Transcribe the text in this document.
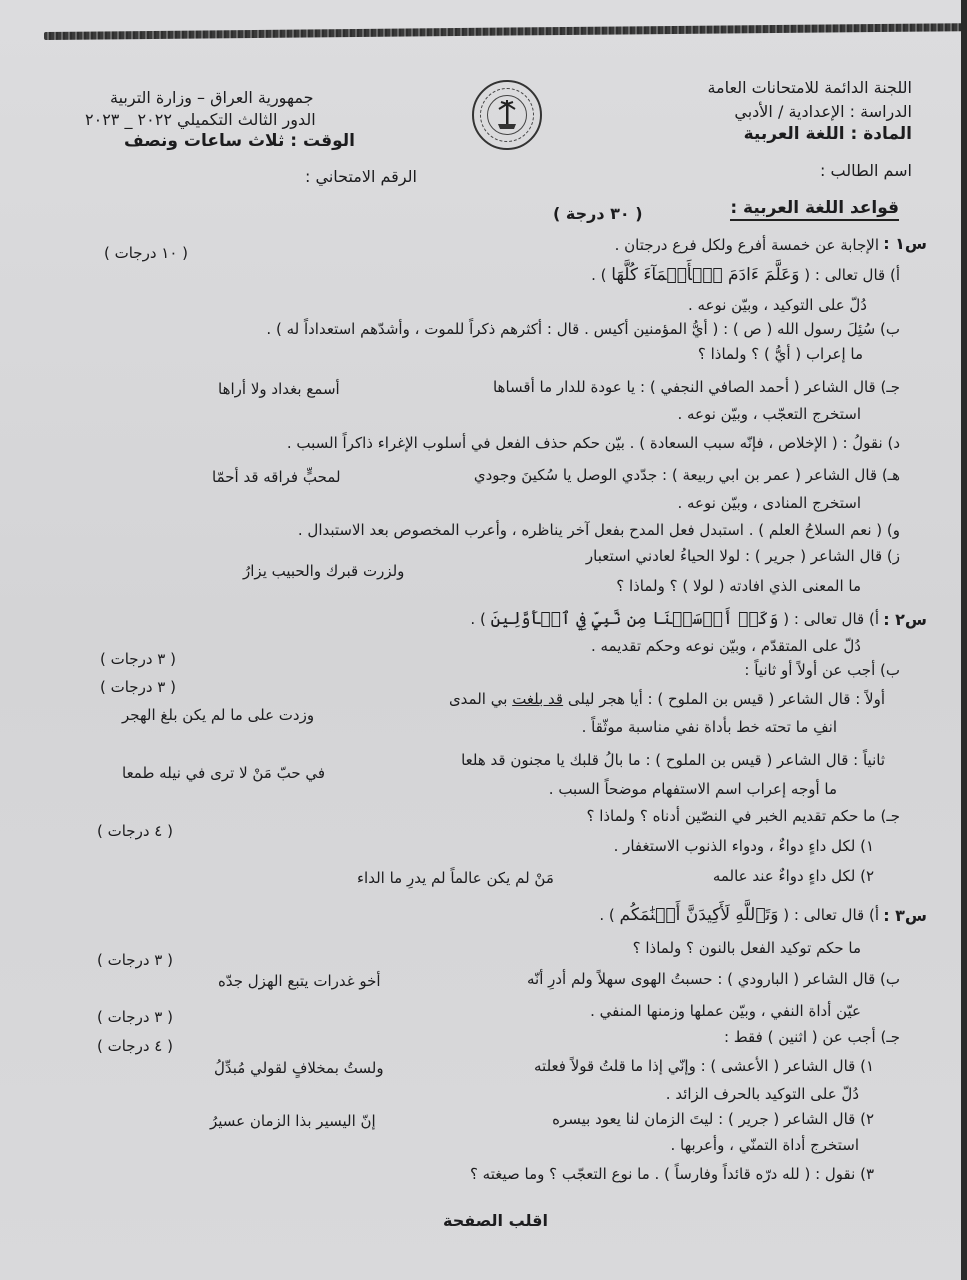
اللجنة الدائمة للامتحانات العامة
الدراسة : الإعدادية / الأدبي
المادة : اللغة العربية
اسم الطالب :
جمهورية العراق – وزارة التربية
الدور الثالث التكميلي ٢٠٢٢ _ ٢٠٢٣
الوقت : ثلاث ساعات ونصف
الرقم الامتحاني :
قواعد اللغة العربية :
( ٣٠ درجة )
س١ :
الإجابة عن خمسة أفرع ولكل فرع درجتان .
( ١٠ درجات )
أ) قال تعالى : ( وَعَلَّمَ ءَادَمَ ٱلۡأَسۡمَآءَ كُلَّهَا ) .
دُلّ على التوكيد ، وبيّن نوعه .
ب) سُئِلَ رسول الله ( ص ) : ( أيُّ المؤمنين أكيس . قال : أكثرهم ذكراً للموت ، وأشدّهم استعداداً له ) .
ما إعراب ( أيُّ ) ؟ ولماذا ؟
جـ) قال الشاعر ( أحمد الصافي النجفي ) : يا عودة للدار ما أقساها
أسمع بغداد ولا أراها
استخرج التعجّب ، وبيّن نوعه .
د) نقولُ : ( الإخلاص ، فإنّه سبب السعادة ) . بيّن حكم حذف الفعل في أسلوب الإغراء ذاكراً السبب .
هـ) قال الشاعر ( عمر بن ابي ربيعة ) : جدّدي الوصل يا سُكينَ وجودي
لمحبٍّ فراقه قد أحمّا
استخرج المنادى ، وبيّن نوعه .
و) ( نعم السلاحُ العلم ) . استبدل فعل المدح بفعل آخر يناظره ، وأعرب المخصوص بعد الاستبدال .
ز) قال الشاعر ( جرير ) : لولا الحياءُ لعادني استعبار
ولزرت قبرك والحبيب يزارُ
ما المعنى الذي افادته ( لولا ) ؟ ولماذا ؟
س٢ :
أ) قال تعالى : ( وَكَمۡ أَرۡسَلۡنَا مِن نَّبِيٍّ فِي ٱلۡأَوَّلِينَ ) .
دُلّ على المتقدّم ، وبيّن نوعه وحكم تقديمه .
( ٣ درجات )
ب) أجب عن أولاً أو ثانياً :
( ٣ درجات )
أولاً : قال الشاعر ( قيس بن الملوح ) : أيا هجر ليلى قد بلغت بي المدى
وزدت على ما لم يكن بلغ الهجر
انفِ ما تحته خط بأداة نفي مناسبة موثّقاً .
ثانياً : قال الشاعر ( قيس بن الملوح ) : ما بالُ قلبك يا مجنون قد هلعا
في حبّ مَنْ لا ترى في نيله طمعا
ما أوجه إعراب اسم الاستفهام موضحاً السبب .
جـ) ما حكم تقديم الخبر في النصّين أدناه ؟ ولماذا ؟
( ٤ درجات )
١) لكل داءٍ دواءٌ ، ودواء الذنوب الاستغفار .
٢) لكل داءٍ دواءٌ عند عالمه
مَنْ لم يكن عالماً لم يدرِ ما الداء
س٣ :
أ) قال تعالى : ( وَتَٱللَّهِ لَأَكِيدَنَّ أَصۡنَٰمَكُم ) .
ما حكم توكيد الفعل بالنون ؟ ولماذا ؟
( ٣ درجات )
ب) قال الشاعر ( البارودي ) : حسبتُ الهوى سهلاً ولم أدرِ أنّه
أخو غدرات يتبع الهزل جدّه
عيّن أداة النفي ، وبيّن عملها وزمنها المنفي .
( ٣ درجات )
جـ) أجب عن ( اثنين ) فقط :
( ٤ درجات )
١) قال الشاعر ( الأعشى ) : وإنّي إذا ما قلتُ قولاً فعلته
ولستُ بمخلافٍ لقولي مُبدِّلُ
دُلّ على التوكيد بالحرف الزائد .
٢) قال الشاعر ( جرير ) : ليتَ الزمان لنا يعود بيسره
إنّ اليسير بذا الزمان عسيرُ
استخرج أداة التمنّي ، وأعربها .
٣) نقول : ( لله درّه قائداً وفارساً ) . ما نوع التعجّب ؟ وما صيغته ؟
اقلب الصفحة
